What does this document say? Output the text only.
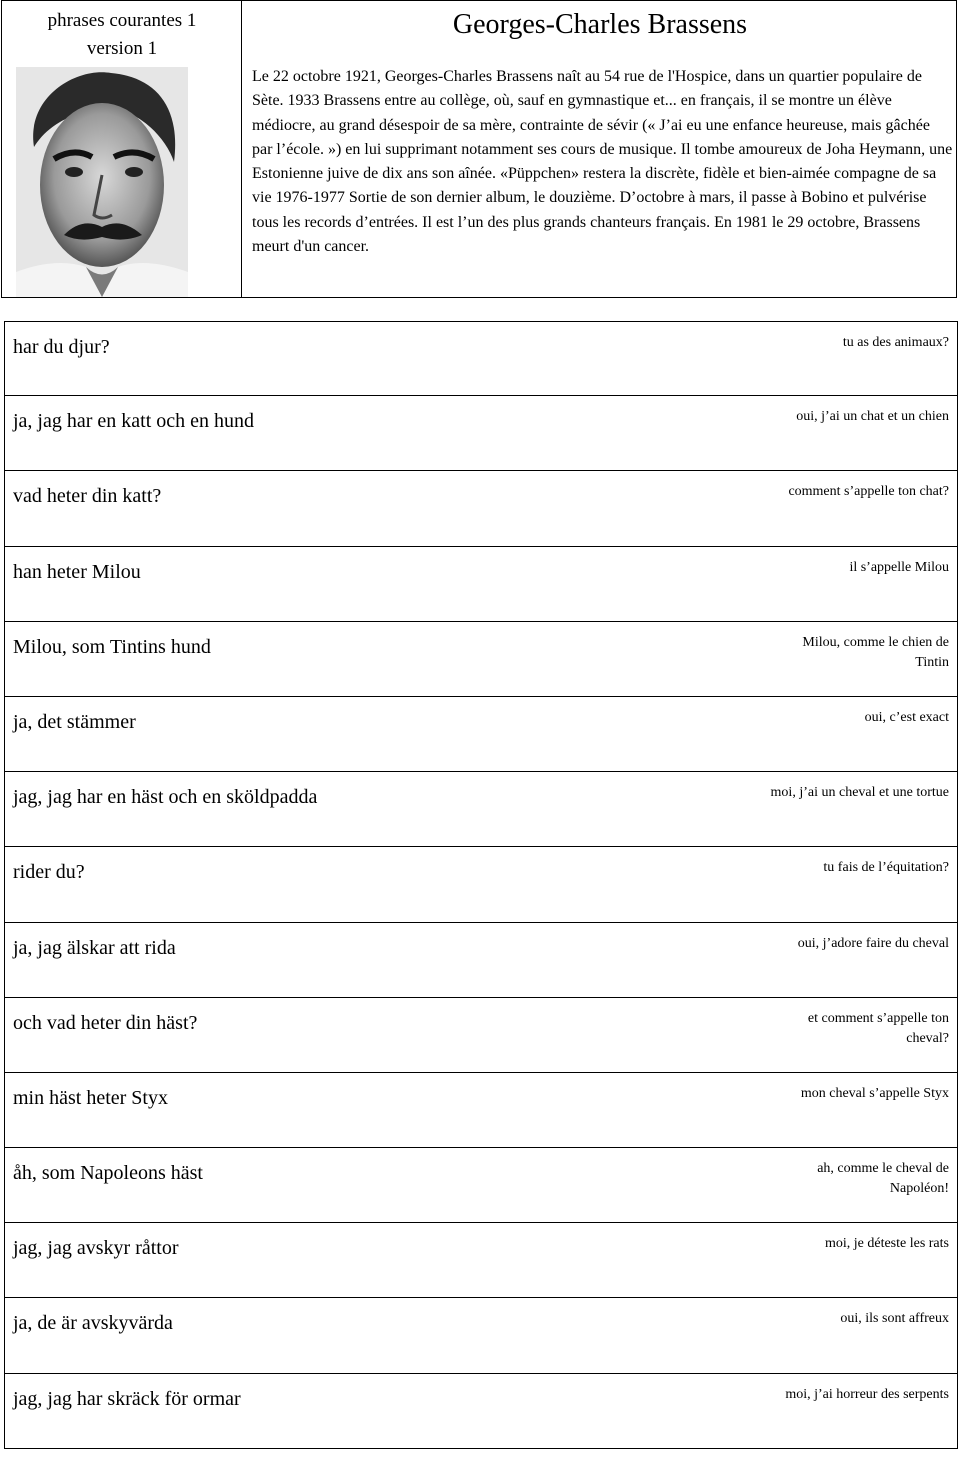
phrases courantes 1
version 1
Georges-Charles Brassens

Le 22 octobre 1921, Georges-Charles Brassens naît au 54 rue de l'Hospice, dans un quartier populaire de Sète. 1933 Brassens entre au collège, où, sauf en gymnastique et... en français, il se montre un élève médiocre, au grand désespoir de sa mère, contrainte de sévir (« J’ai eu une enfance heureuse, mais gâchée par l’école. ») en lui supprimant notamment ses cours de musique. Il tombe amoureux de Joha Heymann, une Estonienne juive de dix ans son aînée. «Püppchen» restera la discrète, fidèle et bien-aimée compagne de sa vie 1976-1977 Sortie de son dernier album, le douzième. D’octobre à mars, il passe à Bobino et pulvérise tous les records d’entrées. Il est l’un des plus grands chanteurs français. En 1981 le 29 octobre, Brassens meurt d'un cancer.

har du djur?	tu as des animaux?
ja, jag har en katt och en hund	oui, j’ai un chat et un chien
vad heter din katt?	comment s’appelle ton chat?
han heter Milou	il s’appelle Milou
Milou, som Tintins hund	Milou, comme le chien de Tintin
ja, det stämmer	oui, c’est exact
jag, jag har en häst och en sköldpadda	moi, j’ai un cheval et une tortue
rider du?	tu fais de l’équitation?
ja, jag älskar att rida	oui, j’adore faire du cheval
och vad heter din häst?	et comment s’appelle ton cheval?
min häst heter Styx	mon cheval s’appelle Styx
åh, som Napoleons häst	ah, comme le cheval de Napoléon!
jag, jag avskyr råttor	moi, je déteste les rats
ja, de är avskyvärda	oui, ils sont affreux
jag, jag har skräck för ormar	moi, j’ai horreur des serpents
